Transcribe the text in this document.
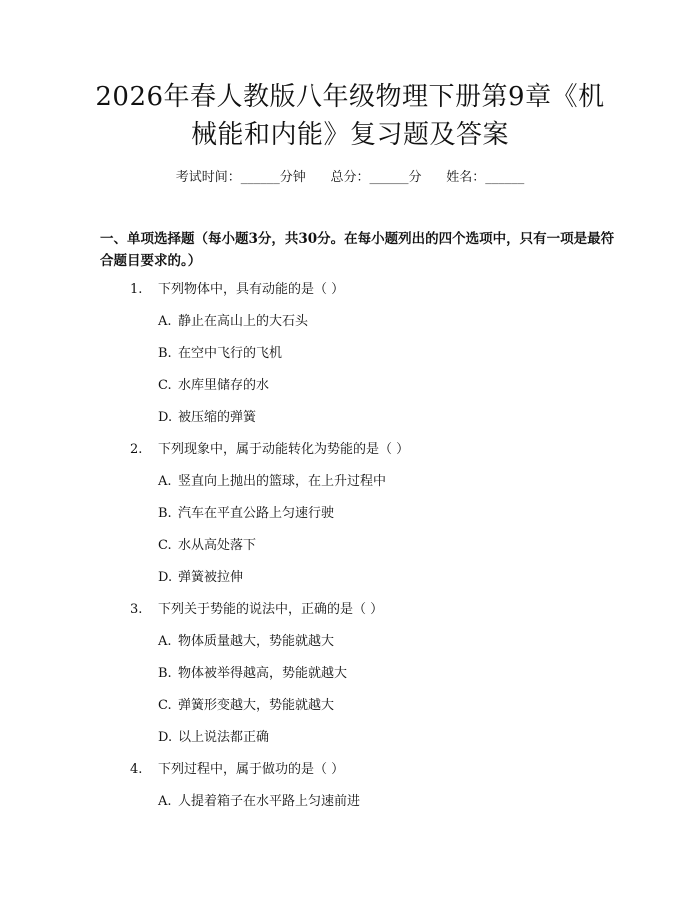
2026年春人教版八年级物理下册第9章《机
械能和内能》复习题及答案
考试时间：______分钟      总分：______分      姓名：______
一、单项选择题（每小题3分，共30分。在每小题列出的四个选项中，只有一项是最符合题目要求的。）
1. 下列物体中，具有动能的是（ ）
A. 静止在高山上的大石头
B. 在空中飞行的飞机
C. 水库里储存的水
D. 被压缩的弹簧
2. 下列现象中，属于动能转化为势能的是（ ）
A. 竖直向上抛出的篮球，在上升过程中
B. 汽车在平直公路上匀速行驶
C. 水从高处落下
D. 弹簧被拉伸
3. 下列关于势能的说法中，正确的是（ ）
A. 物体质量越大，势能就越大
B. 物体被举得越高，势能就越大
C. 弹簧形变越大，势能就越大
D. 以上说法都正确
4. 下列过程中，属于做功的是（ ）
A. 人提着箱子在水平路上匀速前进
